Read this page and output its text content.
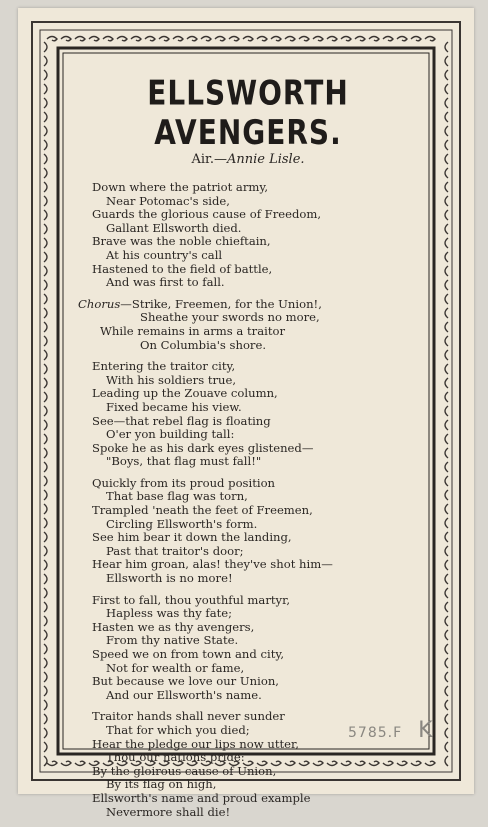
ELLSWORTH AVENGERS.
Air.—Annie Lisle.
Down where the patriot army,
Near Potomac's side,
Guards the glorious cause of Freedom,
Gallant Ellsworth died.
Brave was the noble chieftain,
At his country's call
Hastened to the field of battle,
And was first to fall.
Chorus—Strike, Freemen, for the Union!,
Sheathe your swords no more,
While remains in arms a traitor
On Columbia's shore.
Entering the traitor city,
With his soldiers true,
Leading up the Zouave column,
Fixed became his view.
See—that rebel flag is floating
O'er yon building tall:
Spoke he as his dark eyes glistened—
"Boys, that flag must fall!"
Quickly from its proud position
That base flag was torn,
Trampled 'neath the feet of Freemen,
Circling Ellsworth's form.
See him bear it down the landing,
Past that traitor's door;
Hear him groan, alas! they've shot him—
Ellsworth is no more!
First to fall, thou youthful martyr,
Hapless was thy fate;
Hasten we as thy avengers,
From thy native State.
Speed we on from town and city,
Not for wealth or fame,
But because we love our Union,
And our Ellsworth's name.
Traitor hands shall never sunder
That for which you died;
Hear the pledge our lips now utter,
Thou our nations pride:
By the gloirous cause of Union,
By its flag on high,
Ellsworth's name and proud example
Nevermore shall die!
5785.F K
